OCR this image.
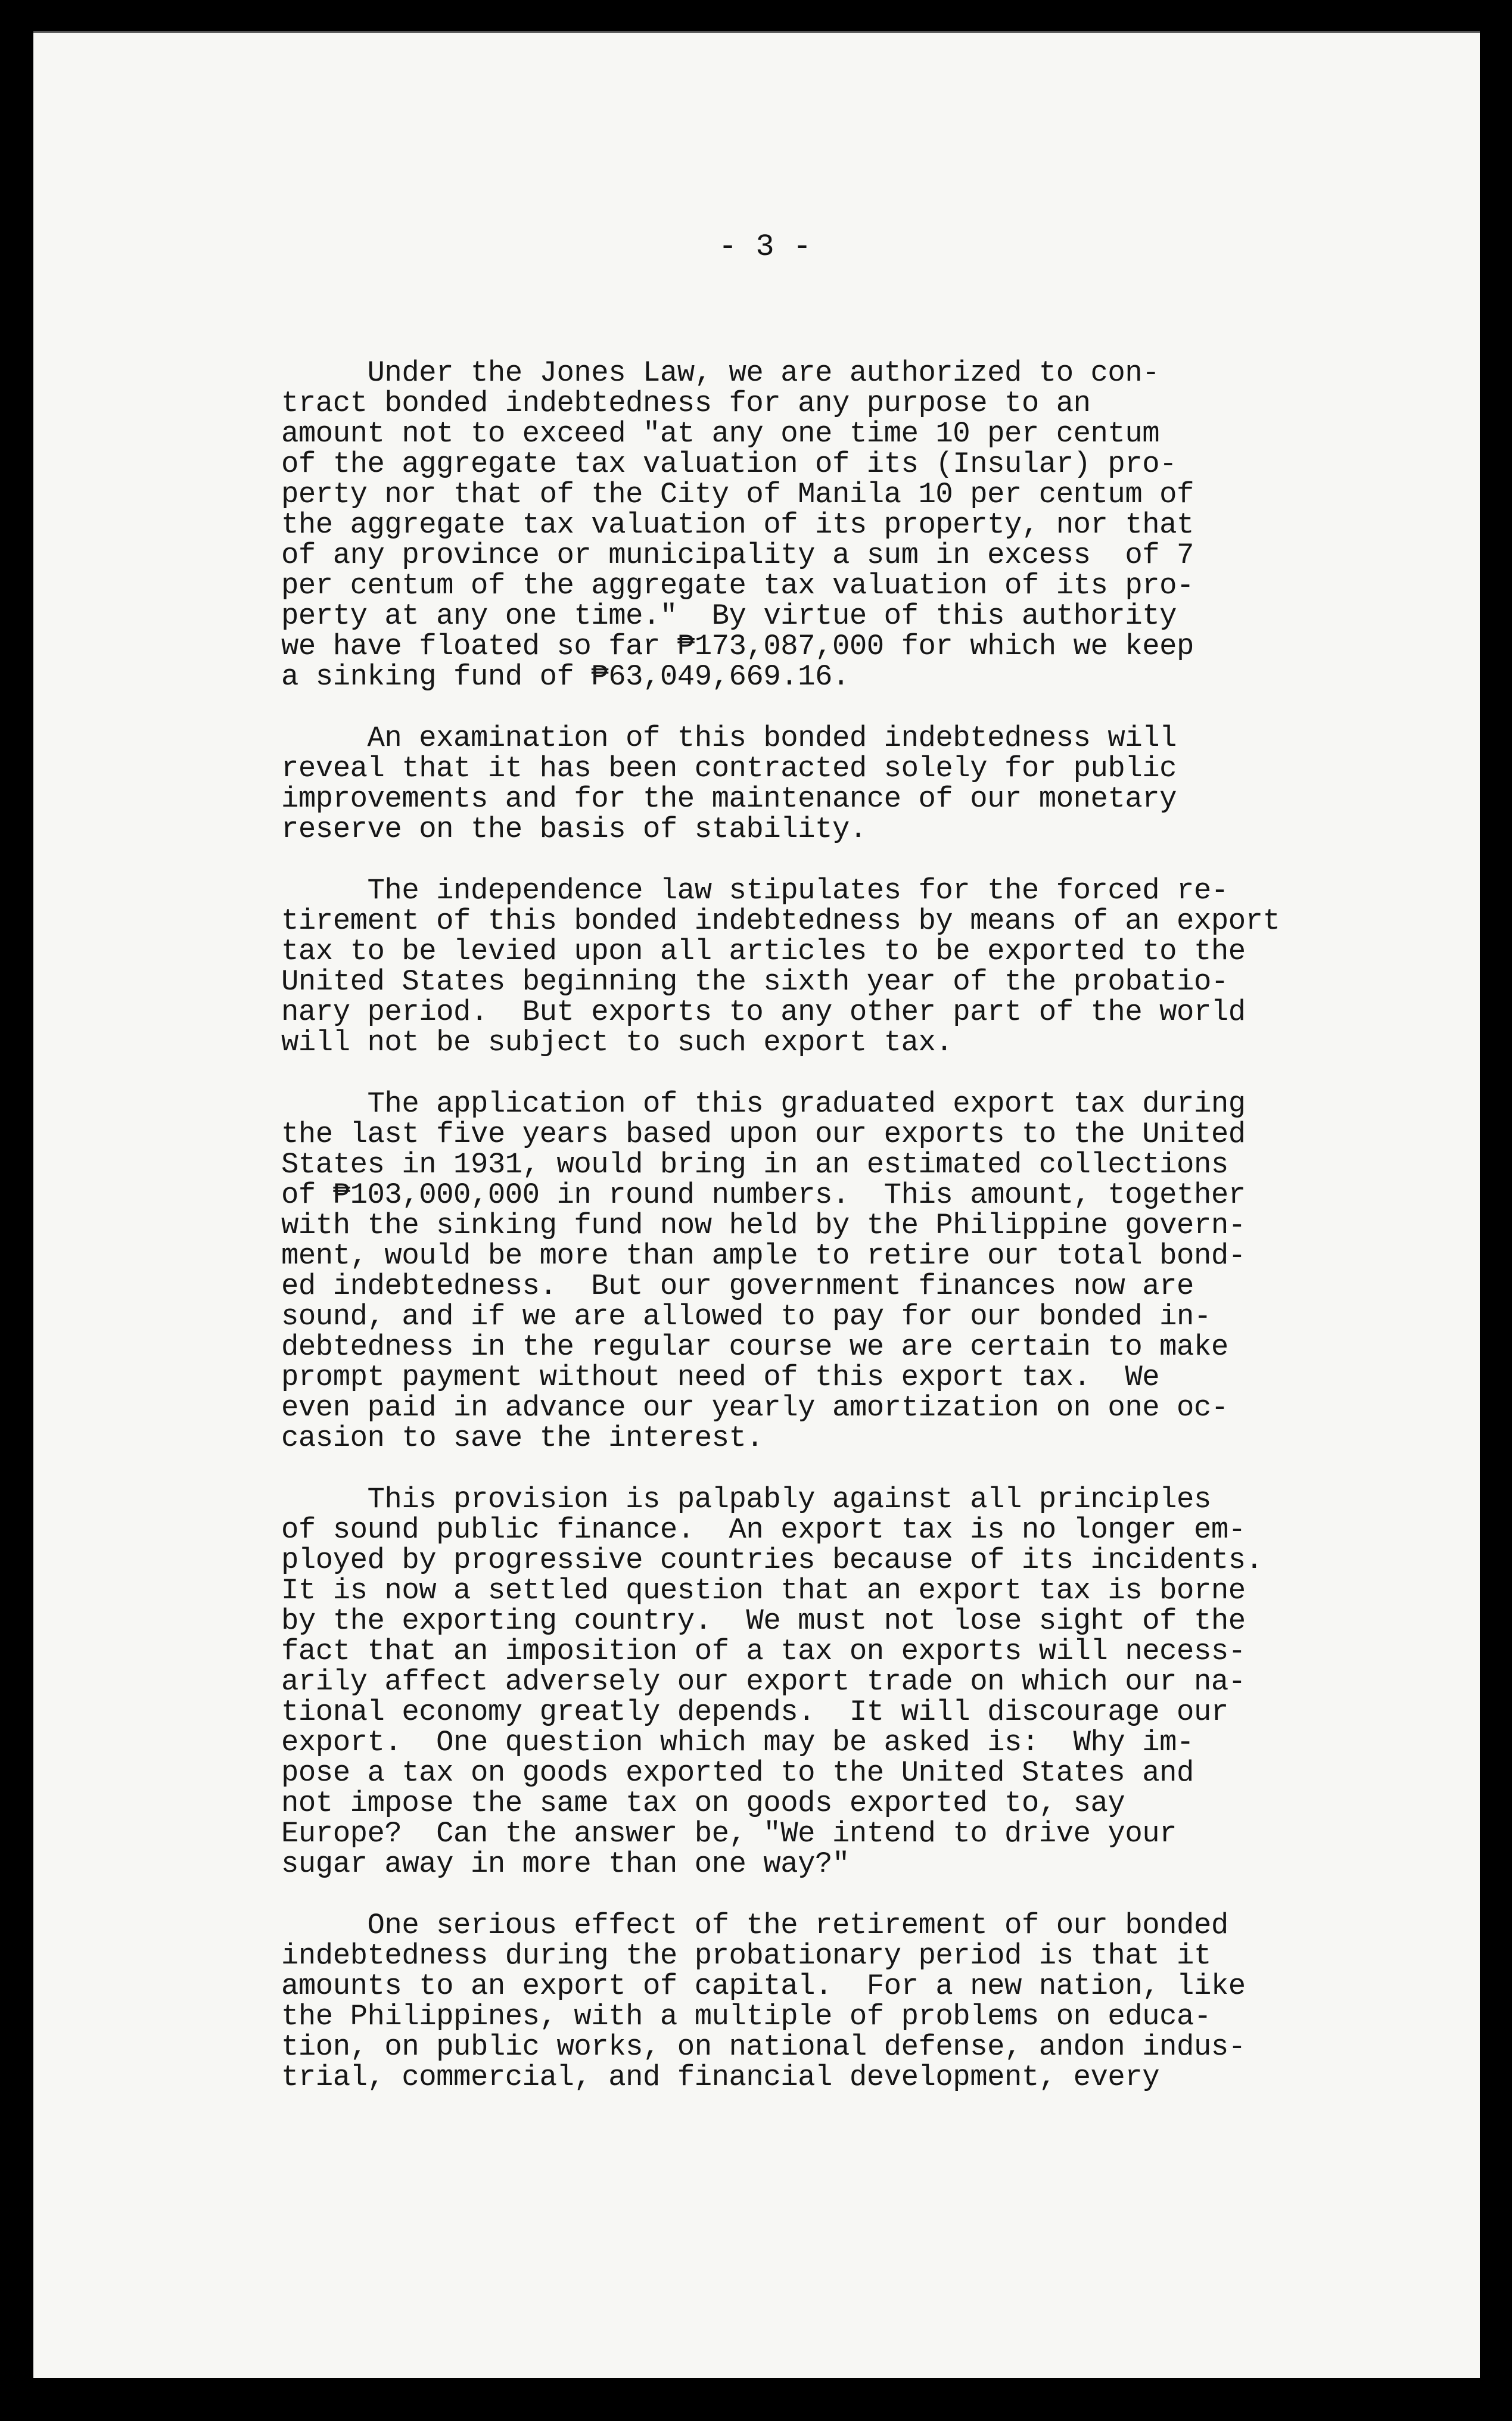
- 3 -
Under the Jones Law, we are authorized to con-
tract bonded indebtedness for any purpose to an
amount not to exceed "at any one time 10 per centum
of the aggregate tax valuation of its (Insular) pro-
perty nor that of the City of Manila 10 per centum of
the aggregate tax valuation of its property, nor that
of any province or municipality a sum in excess  of 7
per centum of the aggregate tax valuation of its pro-
perty at any one time."  By virtue of this authority
we have floated so far ₱173,087,000 for which we keep
a sinking fund of ₱63,049,669.16.
An examination of this bonded indebtedness will
reveal that it has been contracted solely for public
improvements and for the maintenance of our monetary
reserve on the basis of stability.
The independence law stipulates for the forced re-
tirement of this bonded indebtedness by means of an export
tax to be levied upon all articles to be exported to the
United States beginning the sixth year of the probatio-
nary period.  But exports to any other part of the world
will not be subject to such export tax.
The application of this graduated export tax during
the last five years based upon our exports to the United
States in 1931, would bring in an estimated collections
of ₱103,000,000 in round numbers.  This amount, together
with the sinking fund now held by the Philippine govern-
ment, would be more than ample to retire our total bond-
ed indebtedness.  But our government finances now are
sound, and if we are allowed to pay for our bonded in-
debtedness in the regular course we are certain to make
prompt payment without need of this export tax.  We
even paid in advance our yearly amortization on one oc-
casion to save the interest.
This provision is palpably against all principles
of sound public finance.  An export tax is no longer em-
ployed by progressive countries because of its incidents.
It is now a settled question that an export tax is borne
by the exporting country.  We must not lose sight of the
fact that an imposition of a tax on exports will necess-
arily affect adversely our export trade on which our na-
tional economy greatly depends.  It will discourage our
export.  One question which may be asked is:  Why im-
pose a tax on goods exported to the United States and
not impose the same tax on goods exported to, say
Europe?  Can the answer be, "We intend to drive your
sugar away in more than one way?"
One serious effect of the retirement of our bonded
indebtedness during the probationary period is that it
amounts to an export of capital.  For a new nation, like
the Philippines, with a multiple of problems on educa-
tion, on public works, on national defense, andon indus-
trial, commercial, and financial development, every
